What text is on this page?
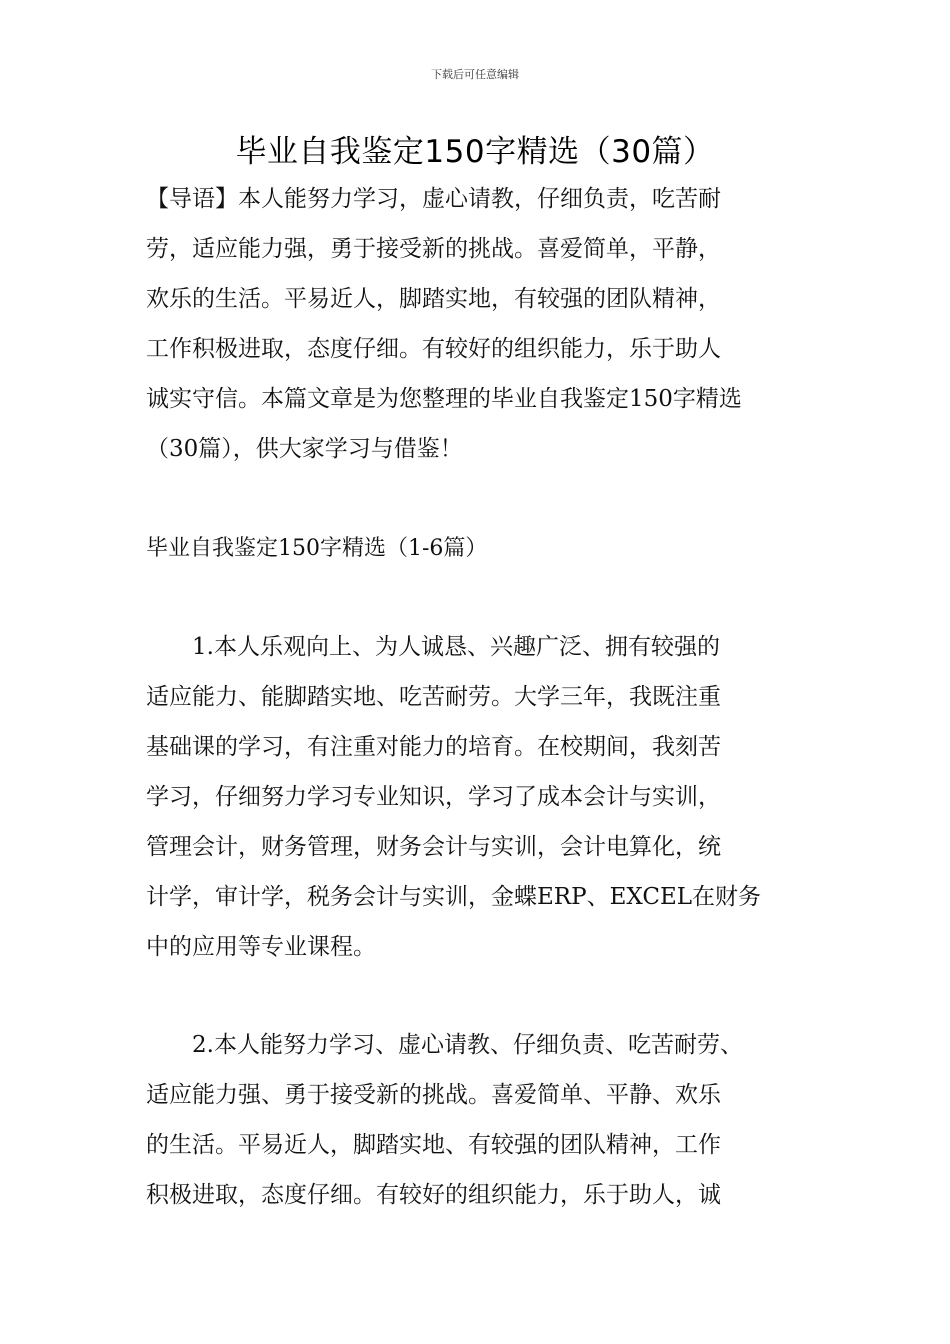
下载后可任意编辑
毕业自我鉴定150字精选（30篇）
【导语】本人能努力学习，虚心请教，仔细负责，吃苦耐
劳，适应能力强，勇于接受新的挑战。喜爱简单，平静，
欢乐的生活。平易近人，脚踏实地，有较强的团队精神，
工作积极进取，态度仔细。有较好的组织能力，乐于助人
诚实守信。本篇文章是为您整理的毕业自我鉴定150字精选
（30篇），供大家学习与借鉴！
毕业自我鉴定150字精选（1-6篇）
　　1.本人乐观向上、为人诚恳、兴趣广泛、拥有较强的
适应能力、能脚踏实地、吃苦耐劳。大学三年，我既注重
基础课的学习，有注重对能力的培育。在校期间，我刻苦
学习，仔细努力学习专业知识，学习了成本会计与实训，
管理会计，财务管理，财务会计与实训，会计电算化，统
计学，审计学，税务会计与实训，金蝶ERP、EXCEL在财务
中的应用等专业课程。
　　2.本人能努力学习、虚心请教、仔细负责、吃苦耐劳、
适应能力强、勇于接受新的挑战。喜爱简单、平静、欢乐
的生活。平易近人，脚踏实地、有较强的团队精神，工作
积极进取，态度仔细。有较好的组织能力，乐于助人，诚
